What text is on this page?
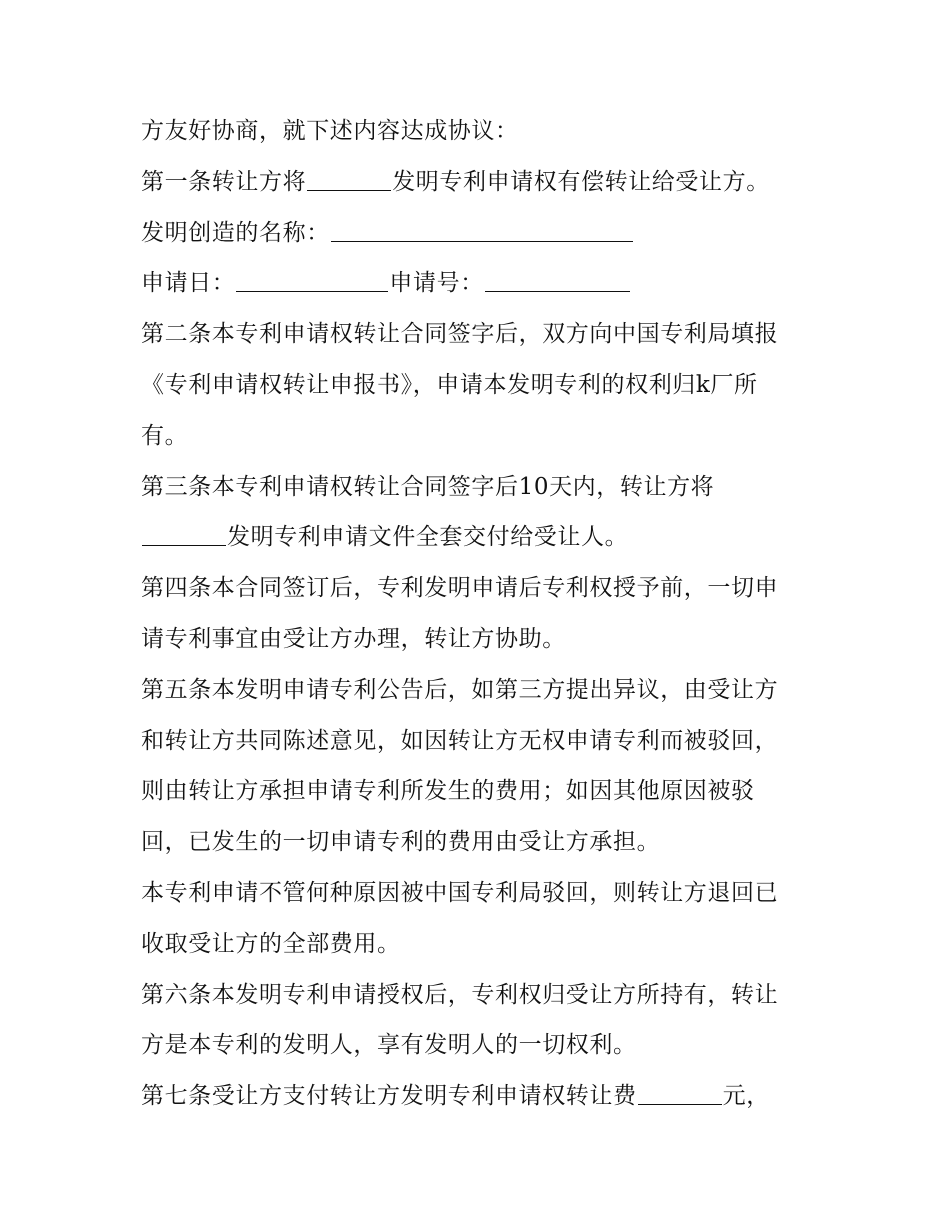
方友好协商，就下述内容达成协议：
第一条转让方将	发明专利申请权有偿转让给受让方。
发明创造的名称：
申请日：	申请号：
第二条本专利申请权转让合同签字后，双方向中国专利局填报
《专利申请权转让申报书》，申请本发明专利的权利归k厂所
有。
第三条本专利申请权转让合同签字后10天内，转让方将
发明专利申请文件全套交付给受让人。
第四条本合同签订后，专利发明申请后专利权授予前，一切申
请专利事宜由受让方办理，转让方协助。
第五条本发明申请专利公告后，如第三方提出异议，由受让方
和转让方共同陈述意见，如因转让方无权申请专利而被驳回，
则由转让方承担申请专利所发生的费用；如因其他原因被驳
回，已发生的一切申请专利的费用由受让方承担。
本专利申请不管何种原因被中国专利局驳回，则转让方退回已
收取受让方的全部费用。
第六条本发明专利申请授权后，专利权归受让方所持有，转让
方是本专利的发明人，享有发明人的一切权利。
第七条受让方支付转让方发明专利申请权转让费	元，
